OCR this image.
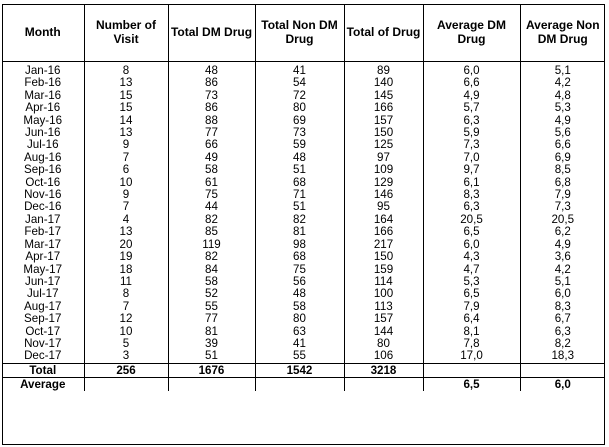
Month	Number of Visit	Total DM Drug	Total Non DM Drug	Total of Drug	Average DM Drug	Average Non DM Drug
Jan-16	8	48	41	89	6,0	5,1
Feb-16	13	86	54	140	6,6	4,2
Mar-16	15	73	72	145	4,9	4,8
Apr-16	15	86	80	166	5,7	5,3
May-16	14	88	69	157	6,3	4,9
Jun-16	13	77	73	150	5,9	5,6
Jul-16	9	66	59	125	7,3	6,6
Aug-16	7	49	48	97	7,0	6,9
Sep-16	6	58	51	109	9,7	8,5
Oct-16	10	61	68	129	6,1	6,8
Nov-16	9	75	71	146	8,3	7,9
Dec-16	7	44	51	95	6,3	7,3
Jan-17	4	82	82	164	20,5	20,5
Feb-17	13	85	81	166	6,5	6,2
Mar-17	20	119	98	217	6,0	4,9
Apr-17	19	82	68	150	4,3	3,6
May-17	18	84	75	159	4,7	4,2
Jun-17	11	58	56	114	5,3	5,1
Jul-17	8	52	48	100	6,5	6,0
Aug-17	7	55	58	113	7,9	8,3
Sep-17	12	77	80	157	6,4	6,7
Oct-17	10	81	63	144	8,1	6,3
Nov-17	5	39	41	80	7,8	8,2
Dec-17	3	51	55	106	17,0	18,3
Total	256	1676	1542	3218		
Average					6,5	6,0
